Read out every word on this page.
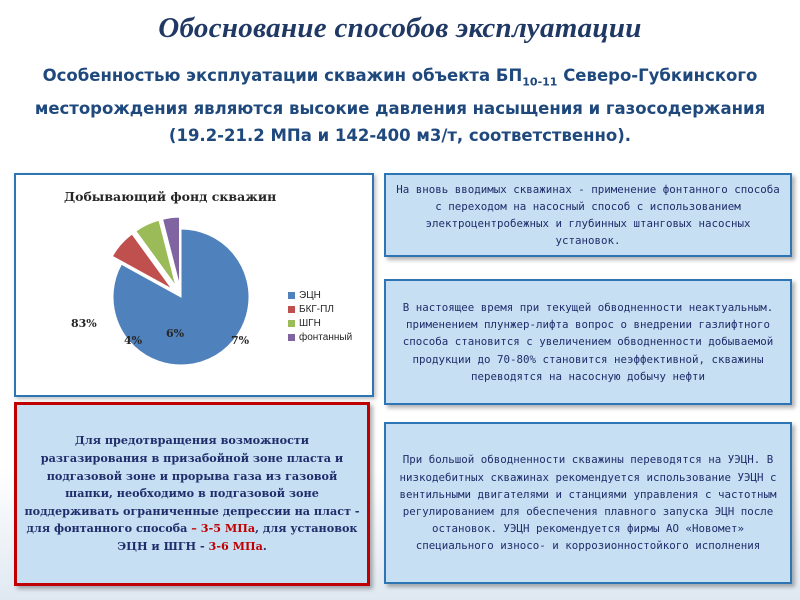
Обоснование способов эксплуатации
Особенностью эксплуатации скважин объекта $БП_{10-11}$ Северо-Губкинского месторождения являются высокие давления насыщения и газосодержания (19.2-21.2 МПа и 142-400 м3/т, соответственно).
Добывающий фонд скважин
ЭЦН
БКГ-ПЛ
ШГН
фонтанный
83%
7%
6%
4%
На вновь вводимых скважинах - применение фонтанного способа с переходом на насосный способ с использованием электроцентробежных и глубинных штанговых насосных установок.
В настоящее время при текущей обводненности неактуальным. применением плунжер-лифта вопрос о внедрении газлифтного способа становится с увеличением обводненности добываемой продукции до 70-80% становится неэффективной, скважины переводятся на насосную добычу нефти
При большой обводненности скважины переводятся на УЭЦН. В низкодебитных скважинах рекомендуется использование УЭЦН с вентильными двигателями и станциями управления с частотным регулированием для обеспечения плавного запуска ЭЦН после остановок. УЭЦН рекомендуется фирмы АО «Новомет» специального износо- и коррозионностойкого исполнения
Для предотвращения возможности разгазирования в призабойной зоне пласта и подгазовой зоне и прорыва газа из газовой шапки, необходимо в подгазовой зоне поддерживать ограниченные депрессии на пласт - для фонтанного способа – 3-5 МПа, для установок ЭЦН и ШГН - 3-6 МПа.
